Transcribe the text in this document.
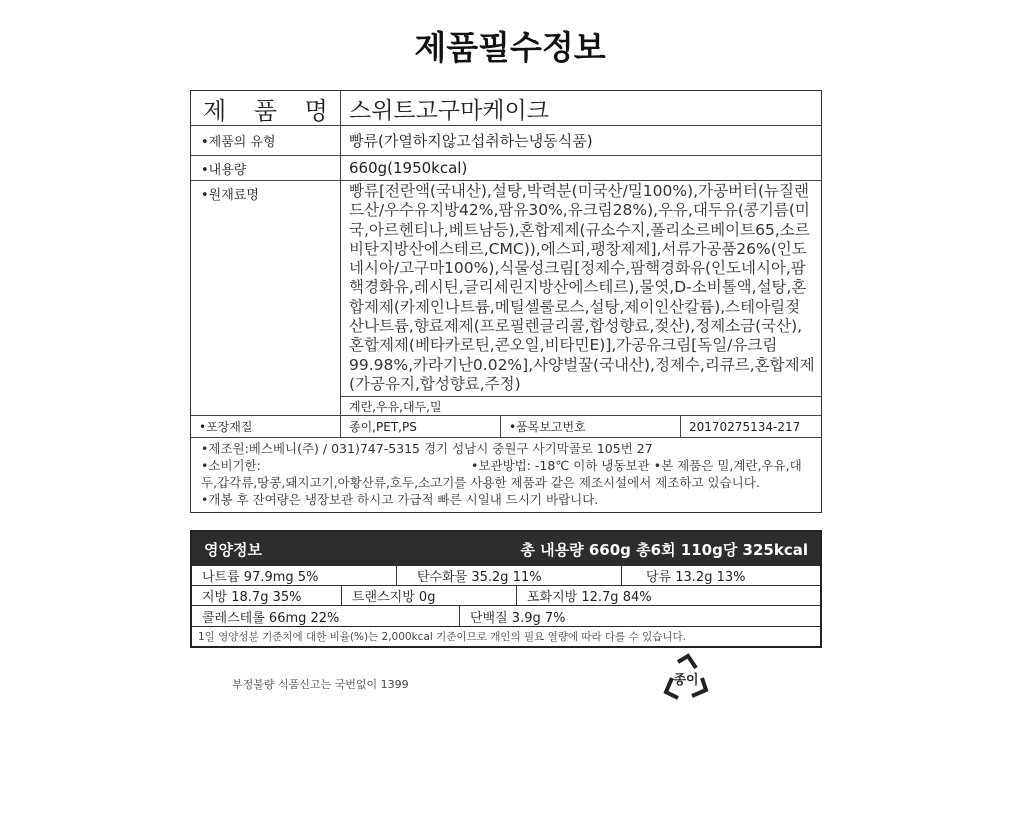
제품필수정보
제 품 명 스위트고구마케이크
•제품의 유형	빵류(가열하지않고섭취하는냉동식품)
•내용량	660g(1950kcal)
•원재료명	빵류[전란액(국내산),설탕,박력분(미국산/밀100%),가공버터(뉴질랜드산/우수유지방42%,팜유30%,유크림28%),우유,대두유(콩기름(미국,아르헨티나,베트남등),혼합제제(규소수지,폴리소르베이트65,소르비탄지방산에스테르,CMC)),에스피,팽창제제],서류가공품26%(인도네시아/고구마100%),식물성크림[정제수,팜핵경화유(인도네시아,팜핵경화유,레시틴,글리세린지방산에스테르),물엿,D-소비톨액,설탕,혼합제제(카제인나트륨,메틸셀룰로스,설탕,제이인산칼륨),스테아릴젖산나트륨,향료제제(프로필렌글리콜,합성향료,젖산),정제소금(국산),혼합제제(베타카로틴,콘오일,비타민E)],가공유크림[독일/유크림99.98%,카라기난0.02%],사양벌꿀(국내산),정제수,리큐르,혼합제제(가공유지,합성향료,주정)
계란,우유,대두,밀
•포장재질	종이,PET,PS	•품목보고번호	20170275134-217
•제조원:베스베니(주) / 031)747-5315 경기 성남시 중원구 사기막골로 105번 27
•소비기한:	•보관방법: -18℃ 이하 냉동보관 •본 제품은 밀,계란,우유,대두,갑각류,땅콩,돼지고기,아황산류,호두,소고기를 사용한 제품과 같은 제조시설에서 제조하고 있습니다.
•개봉 후 잔여량은 냉장보관 하시고 가급적 빠른 시일내 드시기 바랍니다.
영양정보	총 내용량 660g 총6회 110g당 325kcal
나트륨 97.9mg 5%	탄수화물 35.2g 11%	당류 13.2g 13%
지방 18.7g 35%	트랜스지방 0g	포화지방 12.7g 84%
콜레스테롤 66mg 22%	단백질 3.9g 7%
1일 영양성분 기준치에 대한 비율(%)는 2,000kcal 기준이므로 개인의 필요 열량에 따라 다를 수 있습니다.
부정불량 식품신고는 국번없이 1399	종이
